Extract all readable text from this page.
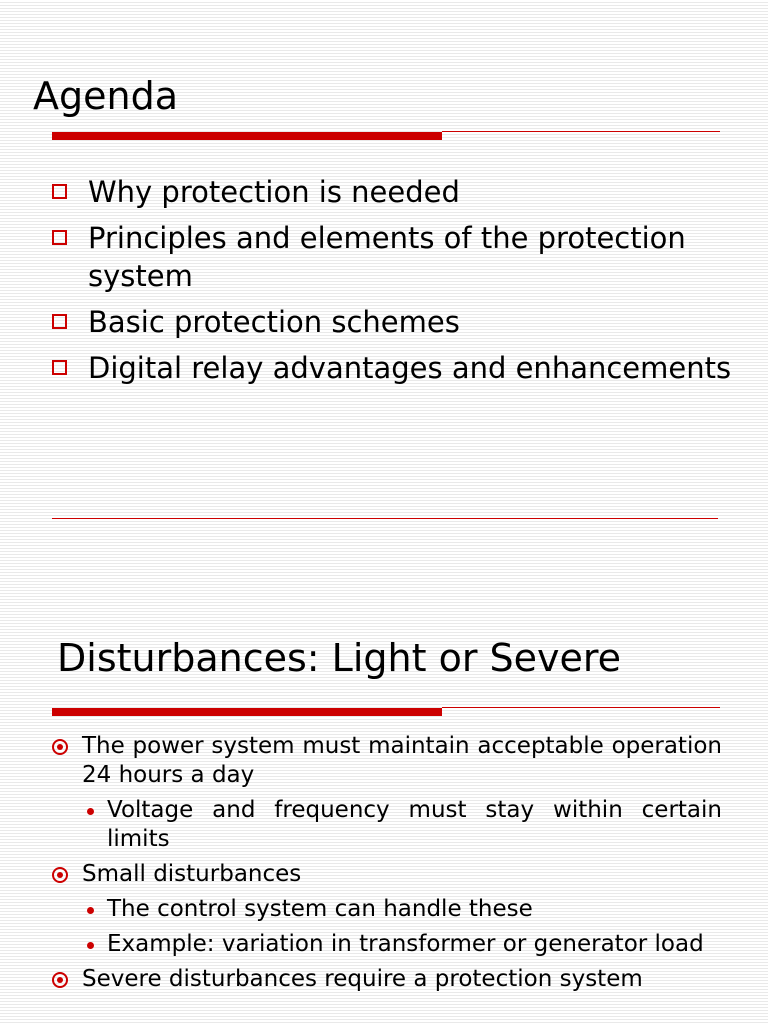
Agenda
Why protection is needed
Principles and elements of the protection system
Basic protection schemes
Digital relay advantages and enhancements
Disturbances: Light or Severe
The power system must maintain acceptable operation 24 hours a day
Voltage and frequency must stay within certain limits
Small disturbances
The control system can handle these
Example: variation in transformer or generator load
Severe disturbances require a protection system
